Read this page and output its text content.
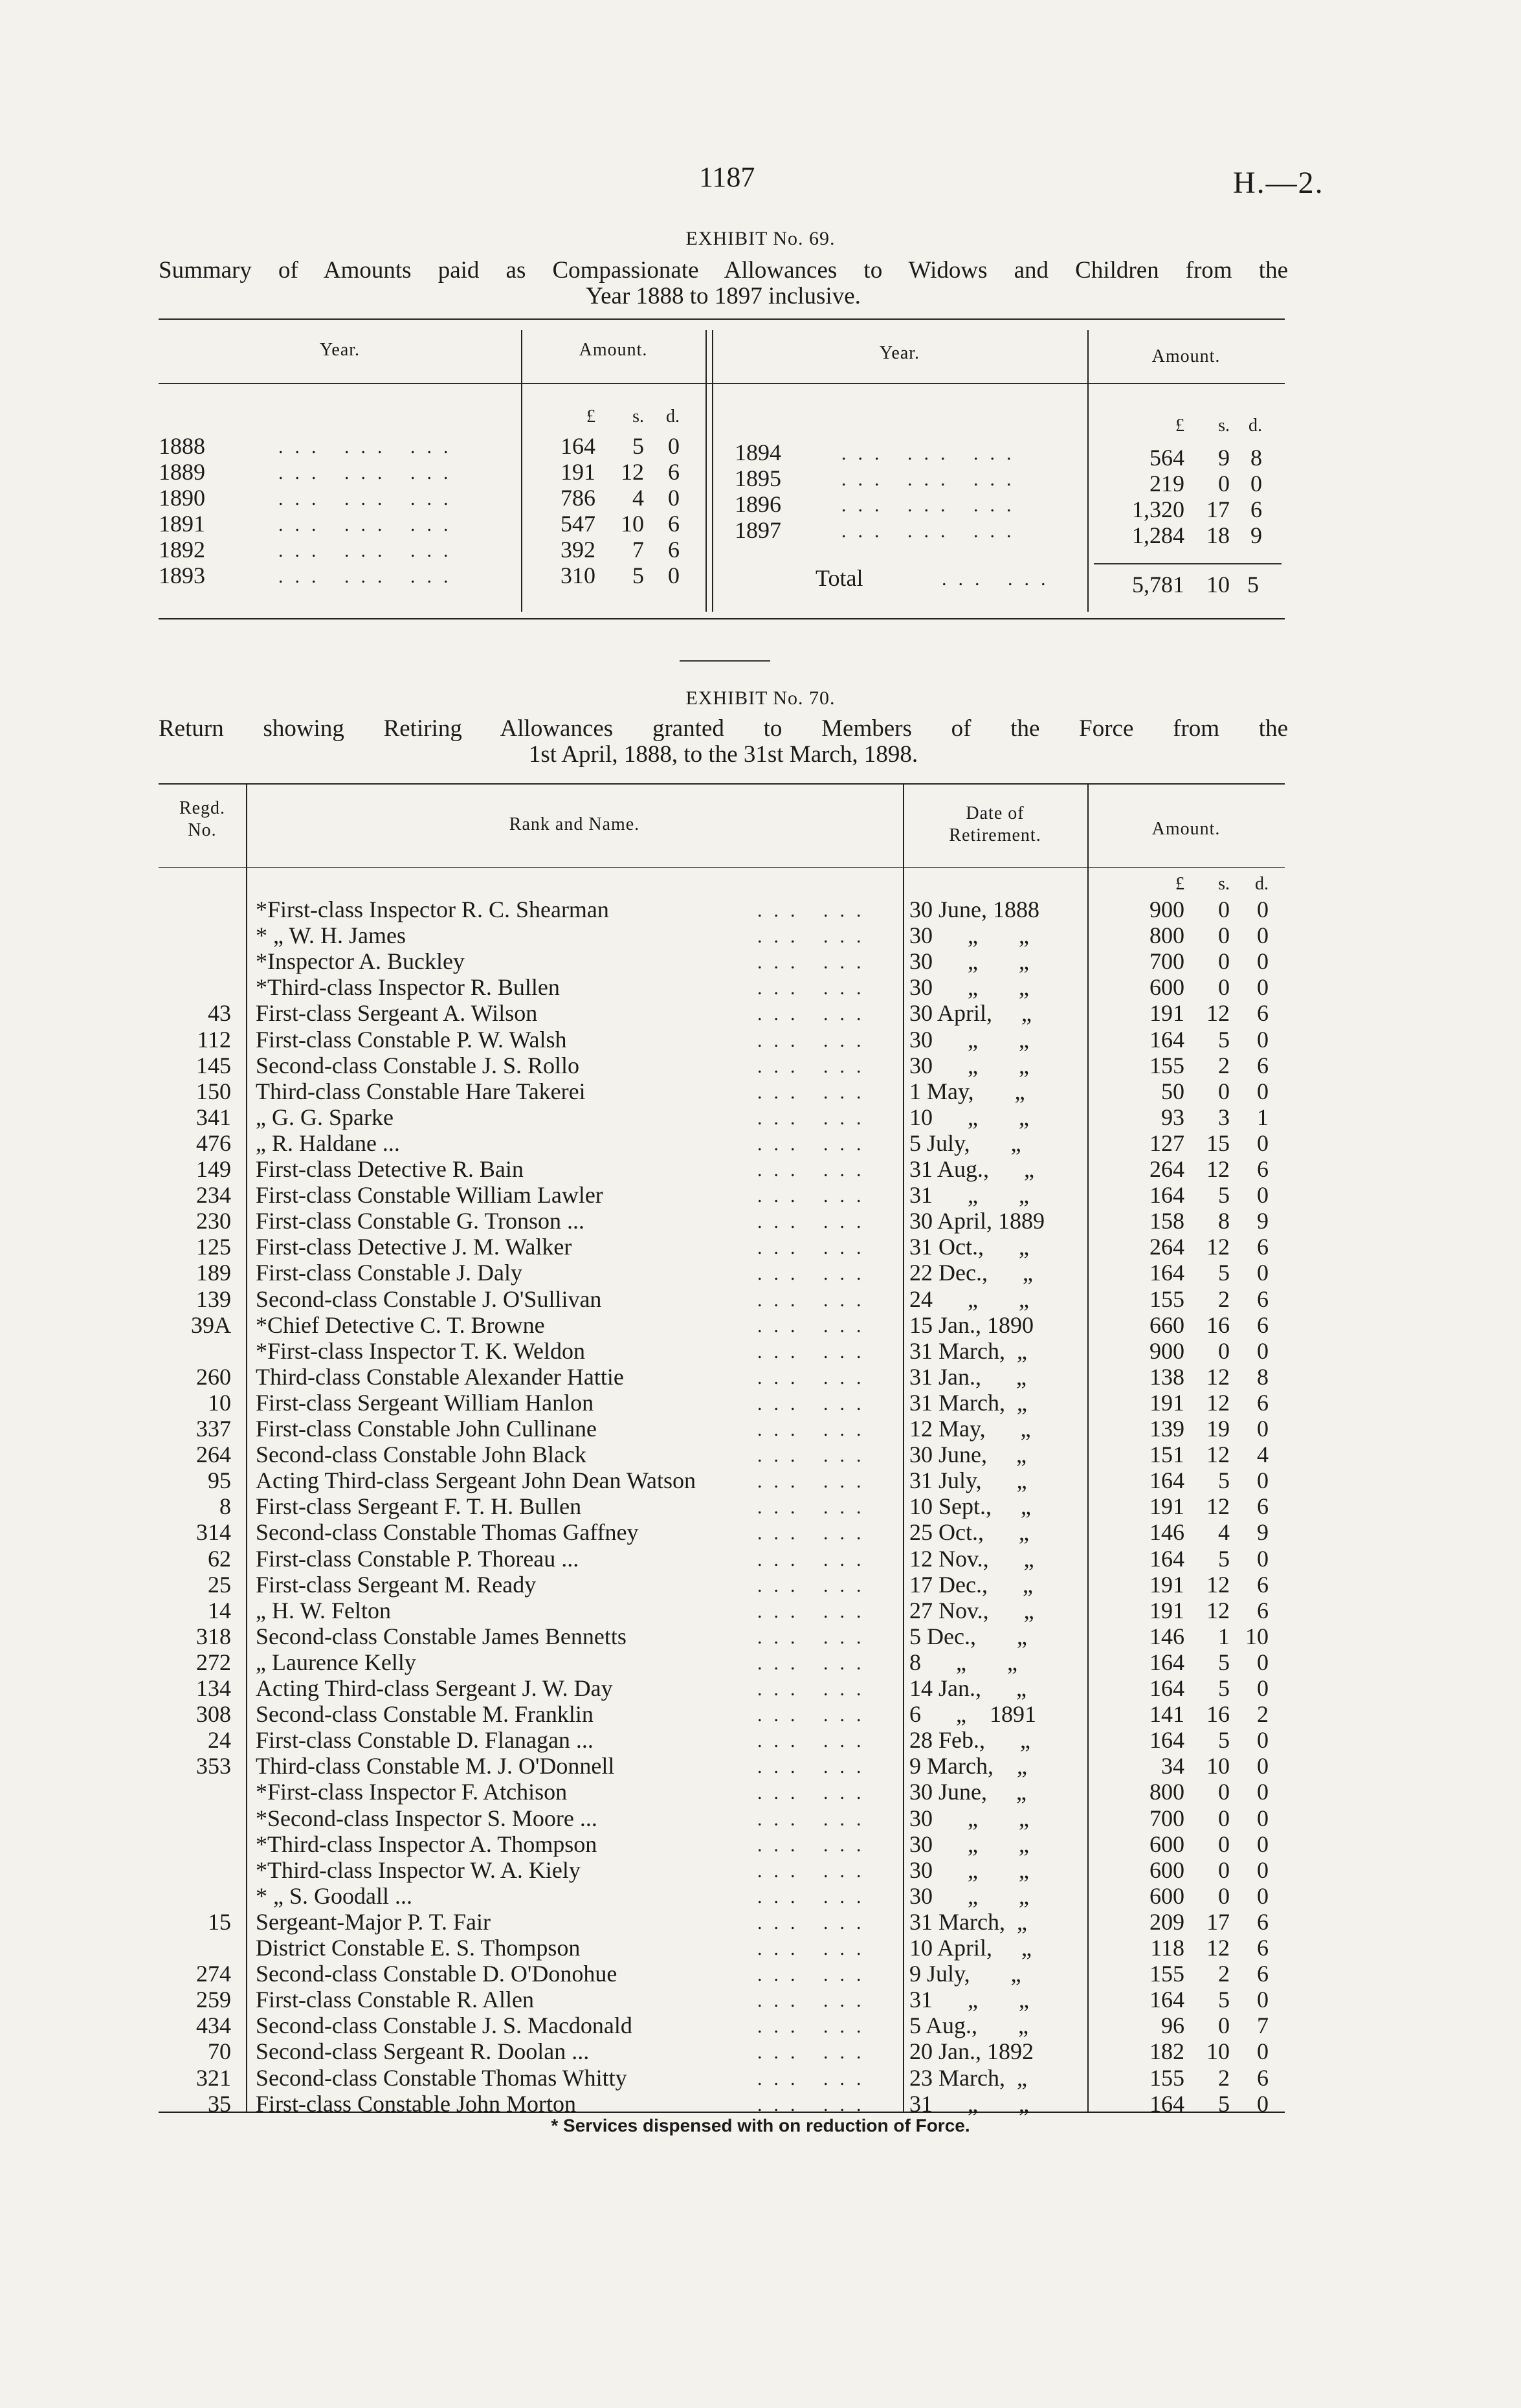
1187	H.—2.
EXHIBIT No. 69.
Summary of Amounts paid as Compassionate Allowances to Widows and Children from the
Year 1888 to 1897 inclusive.
Year.	Amount.	Year.	Amount.
£	s.	d.
1888	... ... ...	164	5	0
1889	... ... ...	191	12	6
1890	... ... ...	786	4	0
1891	... ... ...	547	10	6
1892	... ... ...	392	7	6
1893	... ... ...	310	5	0
£	s.	d.
1894	... ... ...	564	9 8
1895	... ... ...	219	0 0
1896	... ... ...	1,320 17 6
1897	... ... ...	1,284 18 9
Total	... ...	5,781 10 5
EXHIBIT No. 70.
Return showing Retiring Allowances granted to Members of the Force from the
1st April, 1888, to the 31st March, 1898.
Regd.
No.	Rank and Name.
Date of
Retirement.	Amount.
£	s.	d.
*First-class Inspector R. C. Shearman	... ... 30 June, 1888	900	0	0
* „ W. H. James	... ... 30      „       „	800	0	0
*Inspector A. Buckley	... ... 30      „       „	700	0	0
*Third-class Inspector R. Bullen	... ... 30      „       „	600	0	0
43 First-class Sergeant A. Wilson	... ... 30 April,     „	191 12	6
112 First-class Constable P. W. Walsh	... ... 30      „       „	164	5	0
145 Second-class Constable J. S. Rollo	... ... 30      „       „	155	2	6
150 Third-class Constable Hare Takerei	... ... 1 May,       „	50	0	0
341 „ G. G. Sparke	... ... 10      „       „	93	3	1
476 „ R. Haldane ...	... ... 5 July,       „	127 15	0
149 First-class Detective R. Bain	... ... 31 Aug.,      „	264 12	6
234 First-class Constable William Lawler	... ... 31      „       „	164	5	0
230 First-class Constable G. Tronson ...	... ... 30 April, 1889	158	8	9
125 First-class Detective J. M. Walker	... ... 31 Oct.,      „	264 12	6
189 First-class Constable J. Daly	... ... 22 Dec.,      „	164	5	0
139 Second-class Constable J. O'Sullivan	... ... 24      „       „	155	2	6
39A *Chief Detective C. T. Browne	... ... 15 Jan., 1890	660 16	6
*First-class Inspector T. K. Weldon	... ... 31 March,  „	900	0	0
260 Third-class Constable Alexander Hattie	... ... 31 Jan.,      „	138 12	8
10 First-class Sergeant William Hanlon	... ... 31 March,  „	191 12	6
337 First-class Constable John Cullinane	... ... 12 May,      „	139 19	0
264 Second-class Constable John Black	... ... 30 June,     „	151 12	4
95 Acting Third-class Sergeant John Dean Watson	... ... 31 July,      „	164	5	0
8 First-class Sergeant F. T. H. Bullen	... ... 10 Sept.,     „	191 12	6
314 Second-class Constable Thomas Gaffney	... ... 25 Oct.,      „	146	4	9
62 First-class Constable P. Thoreau ...	... ... 12 Nov.,      „	164	5	0
25 First-class Sergeant M. Ready	... ... 17 Dec.,      „	191 12	6
14 „ H. W. Felton	... ... 27 Nov.,      „	191 12	6
318 Second-class Constable James Bennetts	... ... 5 Dec.,       „	146	1 10
272 „ Laurence Kelly	... ... 8      „       „	164	5	0
134 Acting Third-class Sergeant J. W. Day	... ... 14 Jan.,      „	164	5	0
308 Second-class Constable M. Franklin	... ... 6      „    1891	141 16	2
24 First-class Constable D. Flanagan ...	... ... 28 Feb.,      „	164	5	0
353 Third-class Constable M. J. O'Donnell	... ... 9 March,    „	34 10	0
*First-class Inspector F. Atchison	... ... 30 June,     „	800	0	0
*Second-class Inspector S. Moore ...	... ... 30      „       „	700	0	0
*Third-class Inspector A. Thompson	... ... 30      „       „	600	0	0
*Third-class Inspector W. A. Kiely	... ... 30      „       „	600	0	0
* „ S. Goodall ...	... ... 30      „       „	600	0	0
15 Sergeant-Major P. T. Fair	... ... 31 March,  „	209 17	6
District Constable E. S. Thompson	... ... 10 April,     „	118 12	6
274 Second-class Constable D. O'Donohue	... ... 9 July,       „	155	2	6
259 First-class Constable R. Allen	... ... 31      „       „	164	5	0
434 Second-class Constable J. S. Macdonald	... ... 5 Aug.,       „	96	0	7
70 Second-class Sergeant R. Doolan ...	... ... 20 Jan., 1892	182 10	0
321 Second-class Constable Thomas Whitty	... ... 23 March,  „	155	2	6
35 First-class Constable John Morton	... ... 31      „       „	164	5	0
* Services dispensed with on reduction of Force.
